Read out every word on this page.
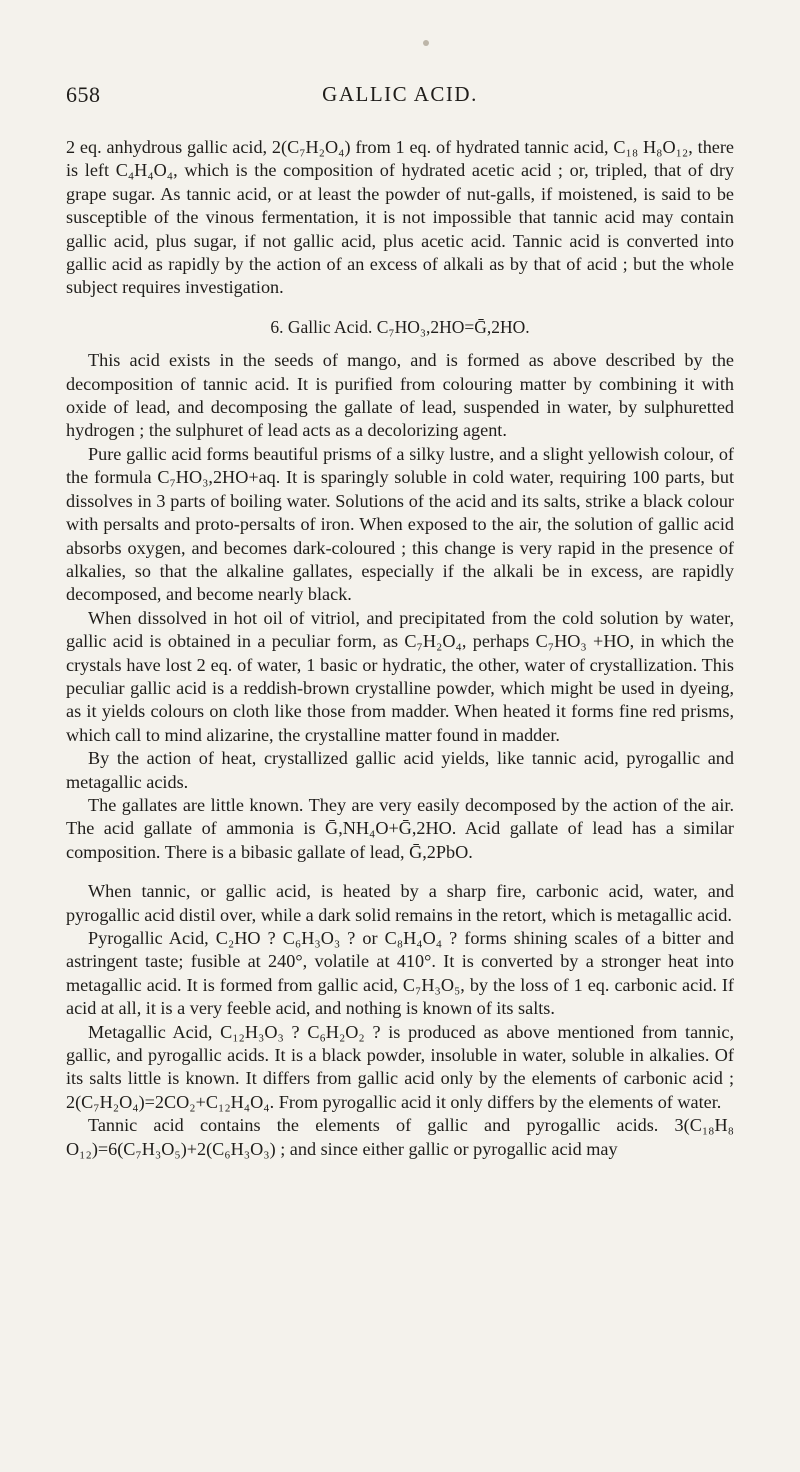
658	GALLIC ACID.

2 eq. anhydrous gallic acid, 2(C₇H₂O₄) from 1 eq. of hydrated tannic acid, C₁₈ H₈O₁₂, there is left C₄H₄O₄, which is the composition of hydrated acetic acid ; or, tripled, that of dry grape sugar. As tannic acid, or at least the powder of nut-galls, if moistened, is said to be susceptible of the vinous fermentation, it is not impossible that tannic acid may contain gallic acid, plus sugar, if not gallic acid, plus acetic acid. Tannic acid is converted into gallic acid as rapidly by the action of an excess of alkali as by that of acid ; but the whole subject requires investigation.

6. Gallic Acid. C₇HO₃,2HO=Ḡ,2HO.

This acid exists in the seeds of mango, and is formed as above described by the decomposition of tannic acid. It is purified from colouring matter by combining it with oxide of lead, and decomposing the gallate of lead, suspended in water, by sulphuretted hydrogen ; the sulphuret of lead acts as a decolorizing agent.

Pure gallic acid forms beautiful prisms of a silky lustre, and a slight yellowish colour, of the formula C₇HO₃,2HO+aq. It is sparingly soluble in cold water, requiring 100 parts, but dissolves in 3 parts of boiling water. Solutions of the acid and its salts, strike a black colour with persalts and proto-persalts of iron. When exposed to the air, the solution of gallic acid absorbs oxygen, and becomes dark-coloured ; this change is very rapid in the presence of alkalies, so that the alkaline gallates, especially if the alkali be in excess, are rapidly decomposed, and become nearly black.

When dissolved in hot oil of vitriol, and precipitated from the cold solution by water, gallic acid is obtained in a peculiar form, as C₇H₂O₄, perhaps C₇HO₃ +HO, in which the crystals have lost 2 eq. of water, 1 basic or hydratic, the other, water of crystallization. This peculiar gallic acid is a reddish-brown crystalline powder, which might be used in dyeing, as it yields colours on cloth like those from madder. When heated it forms fine red prisms, which call to mind alizarine, the crystalline matter found in madder.

By the action of heat, crystallized gallic acid yields, like tannic acid, pyrogallic and metagallic acids.

The gallates are little known. They are very easily decomposed by the action of the air. The acid gallate of ammonia is Ḡ,NH₄O+Ḡ,2HO. Acid gallate of lead has a similar composition. There is a bibasic gallate of lead, Ḡ,2PbO.

When tannic, or gallic acid, is heated by a sharp fire, carbonic acid, water, and pyrogallic acid distil over, while a dark solid remains in the retort, which is metagallic acid.

Pyrogallic Acid, C₂HO ? C₆H₃O₃ ? or C₈H₄O₄ ? forms shining scales of a bitter and astringent taste; fusible at 240°, volatile at 410°. It is converted by a stronger heat into metagallic acid. It is formed from gallic acid, C₇H₃O₅, by the loss of 1 eq. carbonic acid. If acid at all, it is a very feeble acid, and nothing is known of its salts.

Metagallic Acid, C₁₂H₃O₃ ? C₆H₂O₂ ? is produced as above mentioned from tannic, gallic, and pyrogallic acids. It is a black powder, insoluble in water, soluble in alkalies. Of its salts little is known. It differs from gallic acid only by the elements of carbonic acid ; 2(C₇H₂O₄)=2CO₂+C₁₂H₄O₄. From pyrogallic acid it only differs by the elements of water.

Tannic acid contains the elements of gallic and pyrogallic acids. 3(C₁₈H₈ O₁₂)=6(C₇H₃O₅)+2(C₆H₃O₃) ; and since either gallic or pyrogallic acid may
